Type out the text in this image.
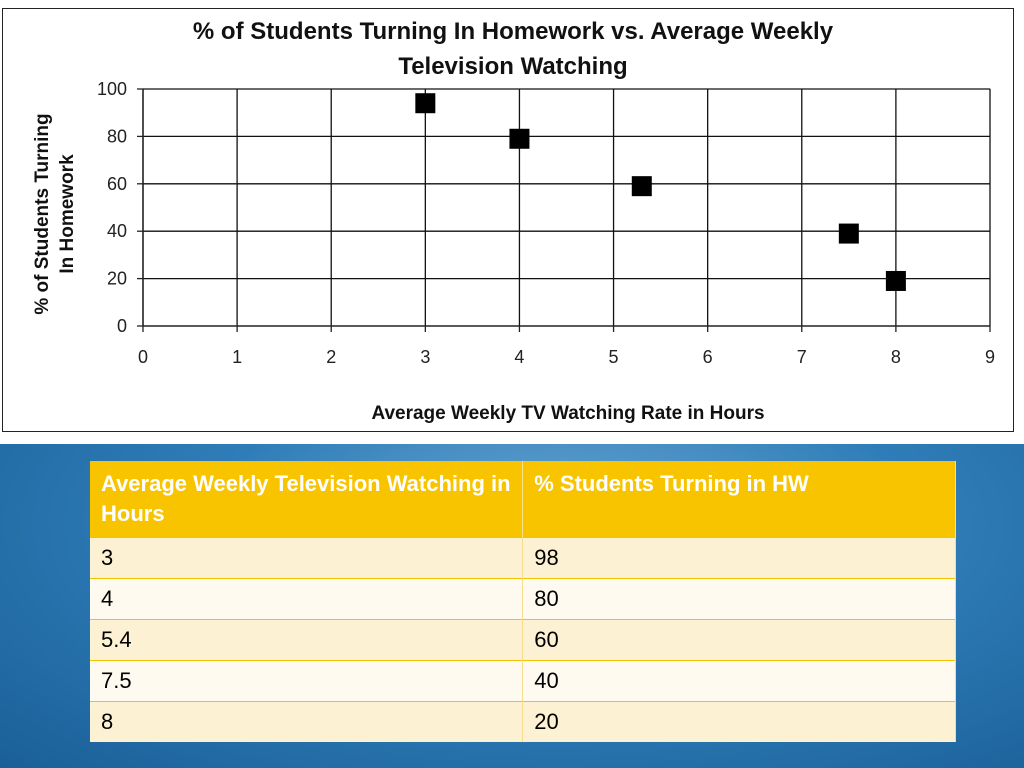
% of Students Turning In Homework vs. Average Weekly
Television Watching
0	1	2	3	4	5	6	7	8	9
0
20
40
60
80
100
Average Weekly TV Watching Rate in Hours
% of Students Turning In Homework
Average Weekly Television Watching in Hours	% Students Turning in HW
3	98
4	80
5.4	60
7.5	40
8	20
